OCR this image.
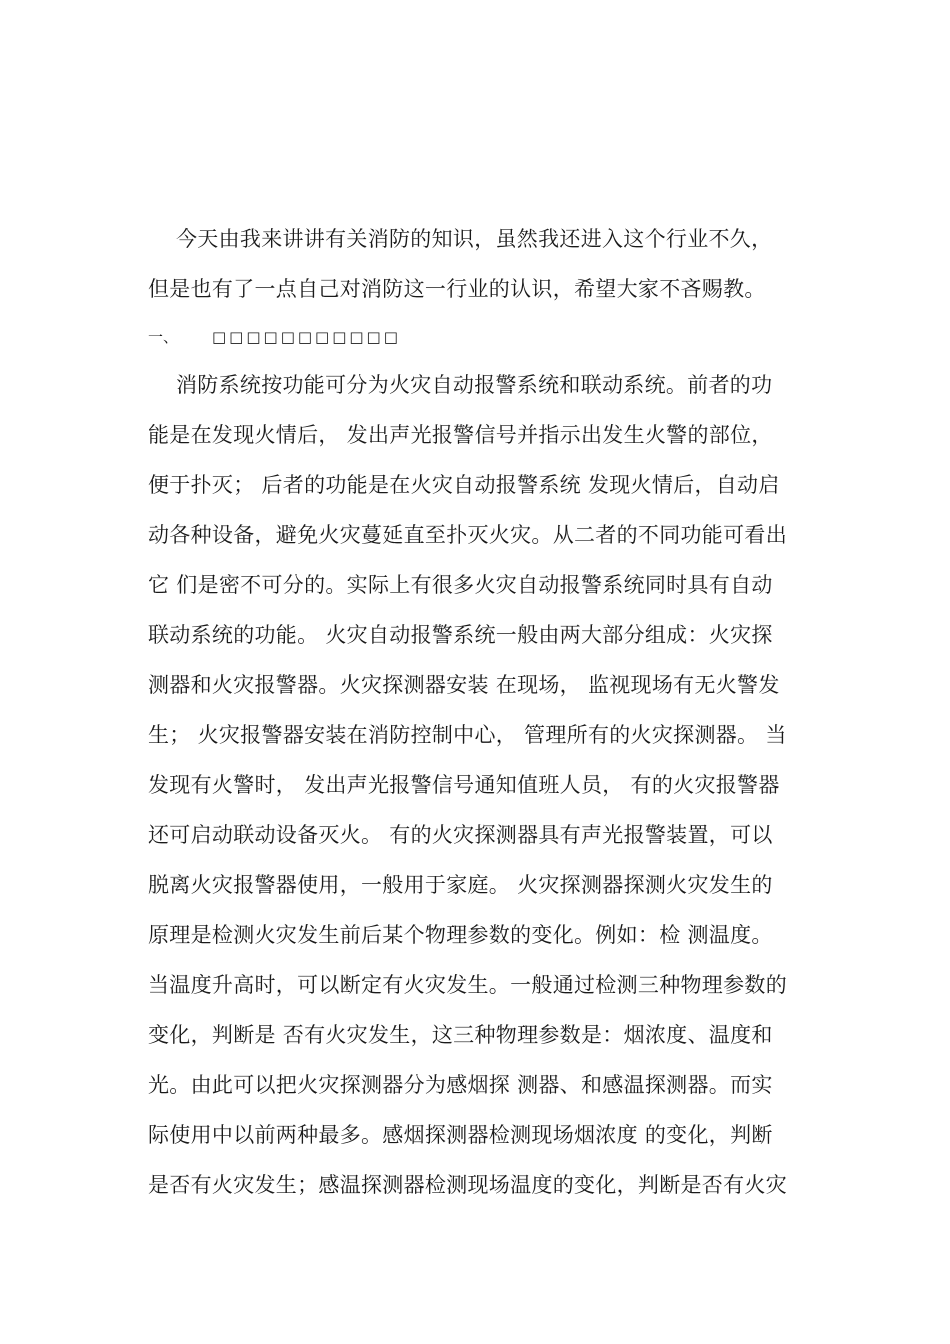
今天由我来讲讲有关消防的知识，虽然我还进入这个行业不久，
但是也有了一点自己对消防这一行业的认识，希望大家不吝赐教。
一、 □□□□□□□□□□□
消防系统按功能可分为火灾自动报警系统和联动系统。前者的功
能是在发现火情后， 发出声光报警信号并指示出发生火警的部位，
便于扑灭； 后者的功能是在火灾自动报警系统 发现火情后，自动启
动各种设备，避免火灾蔓延直至扑灭火灾。从二者的不同功能可看出
它 们是密不可分的。实际上有很多火灾自动报警系统同时具有自动
联动系统的功能。 火灾自动报警系统一般由两大部分组成：火灾探
测器和火灾报警器。火灾探测器安装 在现场， 监视现场有无火警发
生； 火灾报警器安装在消防控制中心， 管理所有的火灾探测器。 当
发现有火警时， 发出声光报警信号通知值班人员， 有的火灾报警器
还可启动联动设备灭火。 有的火灾探测器具有声光报警装置，可以
脱离火灾报警器使用，一般用于家庭。 火灾探测器探测火灾发生的
原理是检测火灾发生前后某个物理参数的变化。例如：检 测温度。
当温度升高时，可以断定有火灾发生。一般通过检测三种物理参数的
变化，判断是 否有火灾发生，这三种物理参数是：烟浓度、温度和
光。由此可以把火灾探测器分为感烟探 测器、和感温探测器。而实
际使用中以前两种最多。感烟探测器检测现场烟浓度 的变化，判断
是否有火灾发生；感温探测器检测现场温度的变化，判断是否有火灾
